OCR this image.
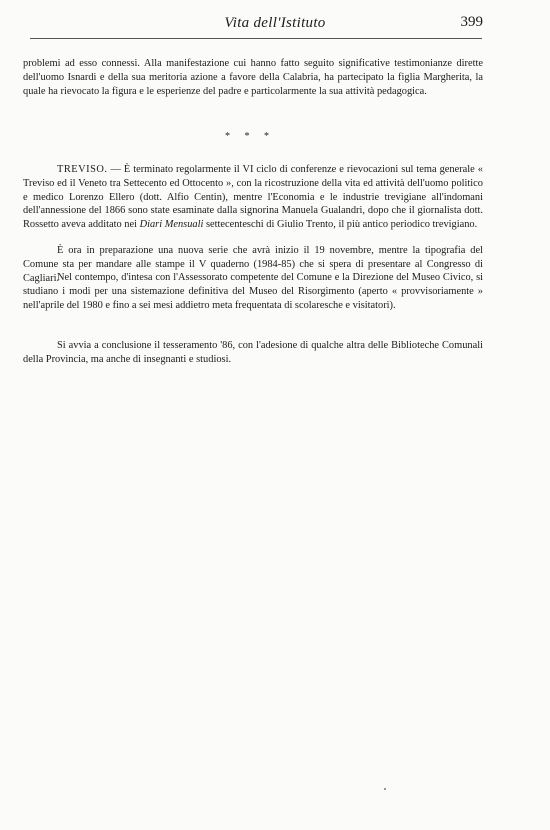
Vita dell'Istituto	399

problemi ad esso connessi. Alla manifestazione cui hanno fatto seguito significative testimonianze dirette dell'uomo Isnardi e della sua meritoria azione a favore della Calabria, ha partecipato la figlia Margherita, la quale ha rievocato la figura e le esperienze del padre e particolarmente la sua attività pedagogica.

* * *

TREVISO. — È terminato regolarmente il VI ciclo di conferenze e rievocazioni sul tema generale « Treviso ed il Veneto tra Settecento ed Ottocento », con la ricostruzione della vita ed attività dell'uomo politico e medico Lorenzo Ellero (dott. Alfio Centin), mentre l'Economia e le industrie trevigiane all'indomani dell'annessione del 1866 sono state esaminate dalla signorina Manuela Gualandri, dopo che il giornalista dott. Rossetto aveva additato nei Diari Mensuali settecenteschi di Giulio Trento, il più antico periodico trevigiano.

È ora in preparazione una nuova serie che avrà inizio il 19 novembre, mentre la tipografia del Comune sta per mandare alle stampe il V quaderno (1984-85) che si spera di presentare al Congresso di Cagliari.

Nel contempo, d'intesa con l'Assessorato competente del Comune e la Direzione del Museo Civico, si studiano i modi per una sistemazione definitiva del Museo del Risorgimento (aperto « provvisoriamente » nell'aprile del 1980 e fino a sei mesi addietro meta frequentata di scolaresche e visitatori).

Si avvia a conclusione il tesseramento '86, con l'adesione di qualche altra delle Biblioteche Comunali della Provincia, ma anche di insegnanti e studiosi.
